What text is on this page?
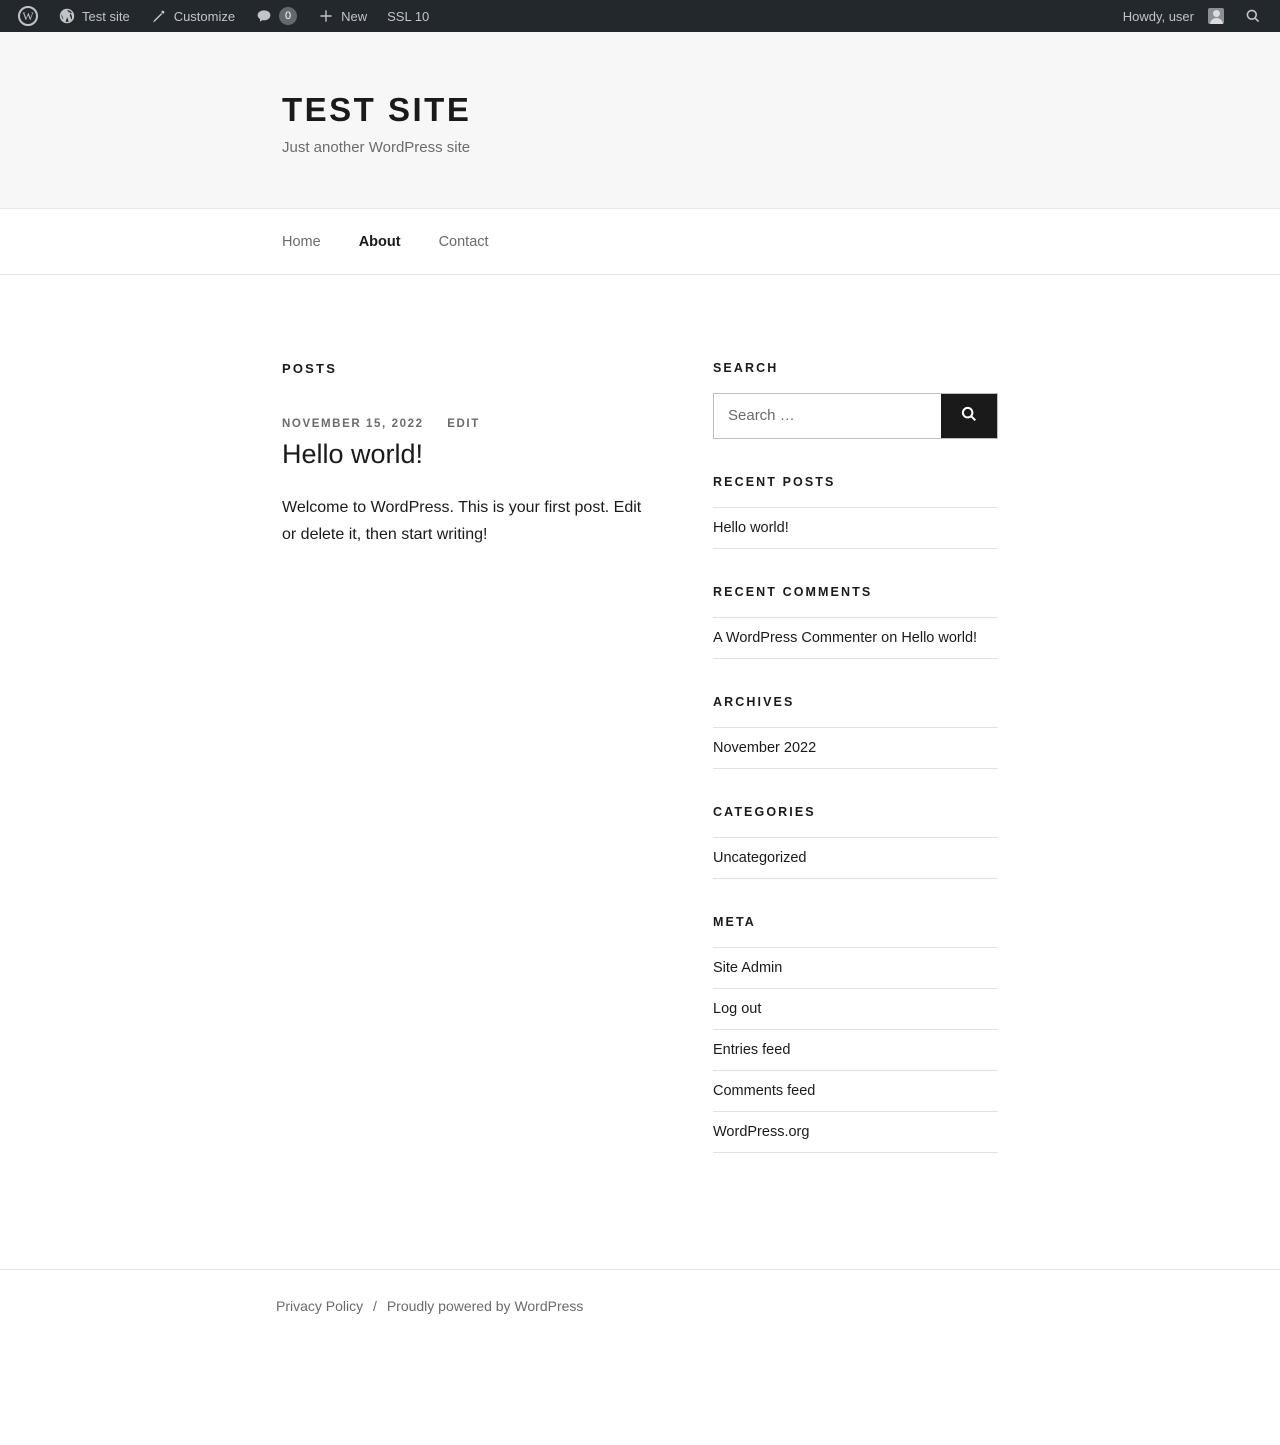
W
Test site	Customize	0	New SSL 10	Howdy, user
TEST SITE
Just another WordPress site
Home	About	Contact
POSTS
NOVEMBER 15, 2022 EDIT
Hello world!

Welcome to WordPress. This is your first post. Edit or delete it, then start writing!

SEARCH
Search …
RECENT POSTS
Hello world!
RECENT COMMENTS
A WordPress Commenter on Hello world!
ARCHIVES
November 2022
CATEGORIES
Uncategorized
META
Site Admin
Log out
Entries feed
Comments feed
WordPress.org
Privacy Policy / Proudly powered by WordPress
